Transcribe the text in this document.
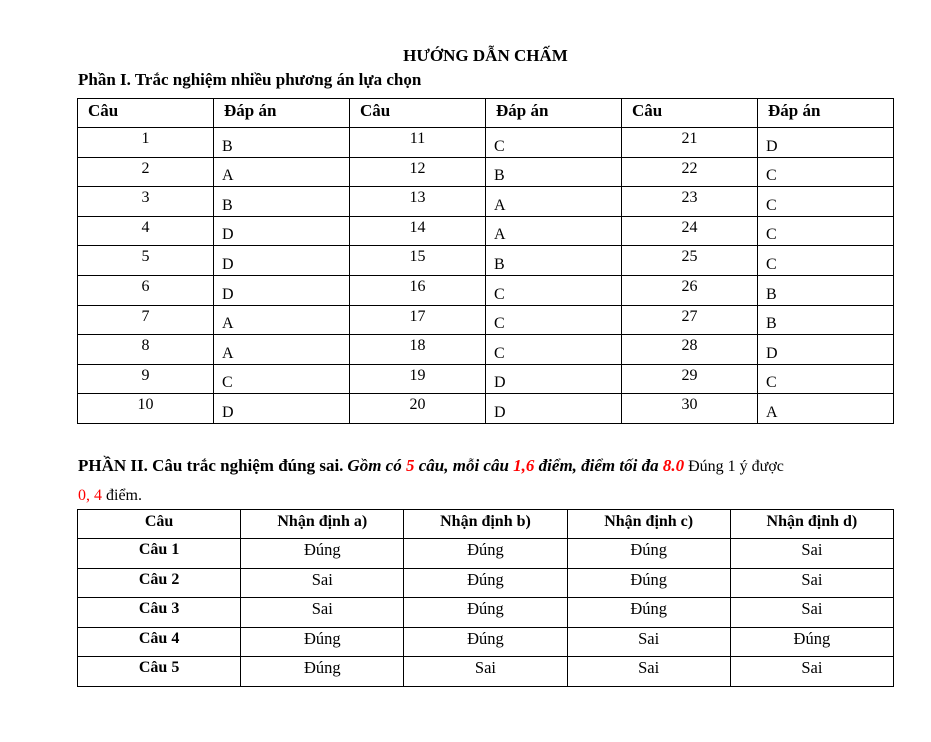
HƯỚNG DẪN CHẤM
Phần I. Trắc nghiệm nhiều phương án lựa chọn
Câu	Đáp án	Câu	Đáp án	Câu	Đáp án
1	B	11	C	21	D
2	A	12	B	22	C
3	B	13	A	23	C
4	D	14	A	24	C
5	D	15	B	25	C
6	D	16	C	26	B
7	A	17	C	27	B
8	A	18	C	28	D
9	C	19	D	29	C
10	D	20	D	30	A
PHẦN II. Câu trắc nghiệm đúng sai. Gồm có 5 câu, mỗi câu 1,6 điểm, điểm tối đa 8.0 Đúng 1 ý được
0, 4 điểm.
Câu	Nhận định a)	Nhận định b)	Nhận định c)	Nhận định d)
Câu 1	Đúng	Đúng	Đúng	Sai
Câu 2	Sai	Đúng	Đúng	Sai
Câu 3	Sai	Đúng	Đúng	Sai
Câu 4	Đúng	Đúng	Sai	Đúng
Câu 5	Đúng	Sai	Sai	Sai
